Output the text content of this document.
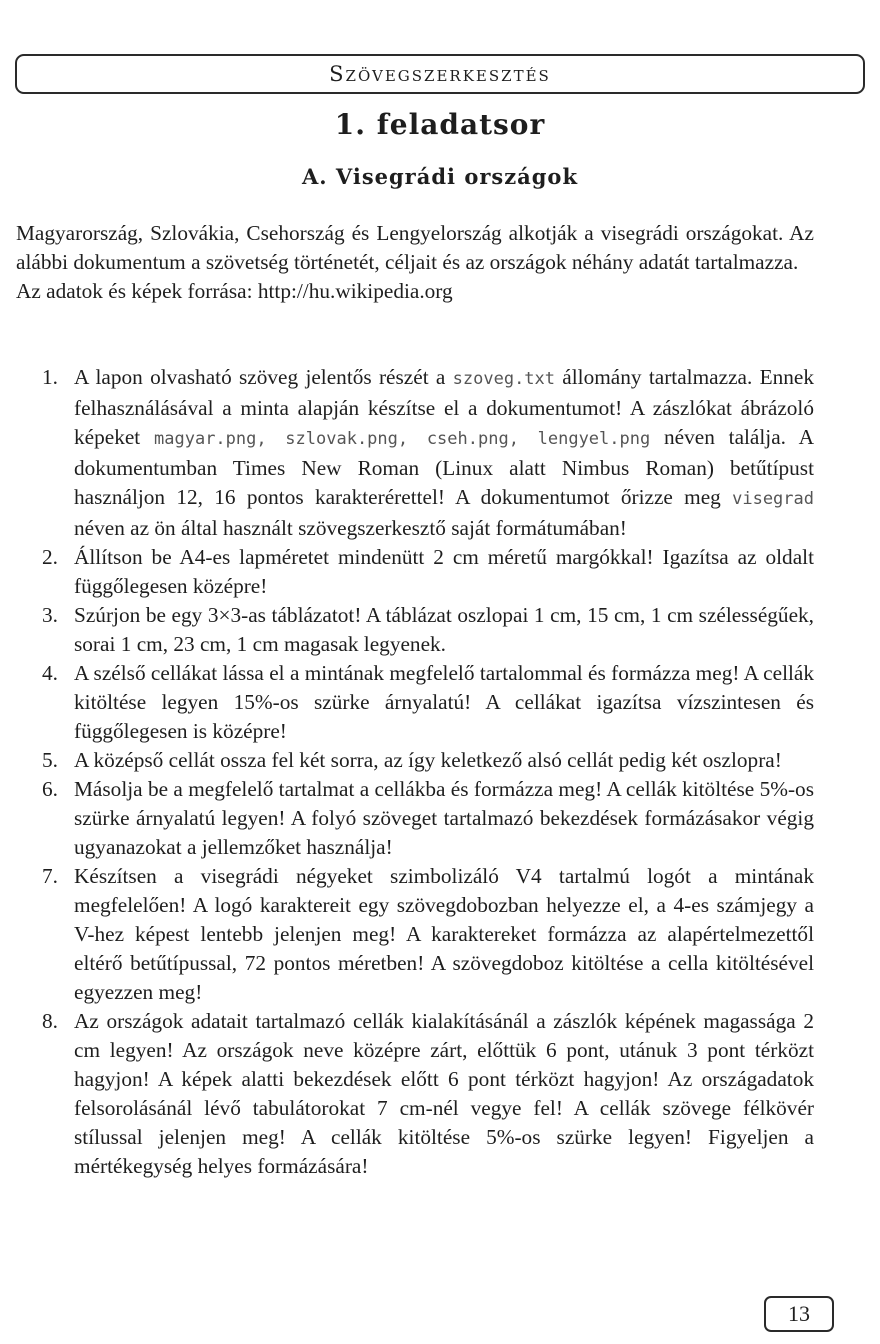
Szövegszerkesztés
1. feladatsor
A. Visegrádi országok

Magyarország, Szlovákia, Csehország és Lengyelország alkotják a visegrádi országokat. Az alábbi dokumentum a szövetség történetét, céljait és az országok néhány adatát tartalmazza.

Az adatok és képek forrása: http://hu.wikipedia.org

1. A lapon olvasható szöveg jelentős részét a szoveg.txt állomány tartalmazza. Ennek felhasználásával a minta alapján készítse el a dokumentumot! A zászlókat ábrázoló képeket magyar.png, szlovak.png, cseh.png, lengyel.png néven találja. A dokumentumban Times New Roman (Linux alatt Nimbus Roman) betűtípust használjon 12, 16 pontos karakterérettel! A dokumentumot őrizze meg visegrad néven az ön által használt szövegszerkesztő saját formátumában!
2. Állítson be A4-es lapméretet mindenütt 2 cm méretű margókkal! Igazítsa az oldalt függőlegesen középre!
3. Szúrjon be egy 3×3-as táblázatot! A táblázat oszlopai 1 cm, 15 cm, 1 cm szélességűek, sorai 1 cm, 23 cm, 1 cm magasak legyenek.
4. A szélső cellákat lássa el a mintának megfelelő tartalommal és formázza meg! A cellák kitöltése legyen 15%-os szürke árnyalatú! A cellákat igazítsa vízszintesen és függőlegesen is középre!
5. A középső cellát ossza fel két sorra, az így keletkező alsó cellát pedig két oszlopra!
6. Másolja be a megfelelő tartalmat a cellákba és formázza meg! A cellák kitöltése 5%-os szürke árnyalatú legyen! A folyó szöveget tartalmazó bekezdések formázásakor végig ugyanazokat a jellemzőket használja!
7. Készítsen a visegrádi négyeket szimbolizáló V4 tartalmú logót a mintának megfelelően! A logó karaktereit egy szövegdobozban helyezze el, a 4-es számjegy a V-hez képest lentebb jelenjen meg! A karaktereket formázza az alapértelmezettől eltérő betűtípussal, 72 pontos méretben! A szövegdoboz kitöltése a cella kitöltésével egyezzen meg!
8. Az országok adatait tartalmazó cellák kialakításánál a zászlók képének magassága 2 cm legyen! Az országok neve középre zárt, előttük 6 pont, utánuk 3 pont térközt hagyjon! A képek alatti bekezdések előtt 6 pont térközt hagyjon! Az országadatok felsorolásánál lévő tabulátorokat 7 cm-nél vegye fel! A cellák szövege félkövér stílussal jelenjen meg! A cellák kitöltése 5%-os szürke legyen! Figyeljen a mértékegység helyes formázására!
13
